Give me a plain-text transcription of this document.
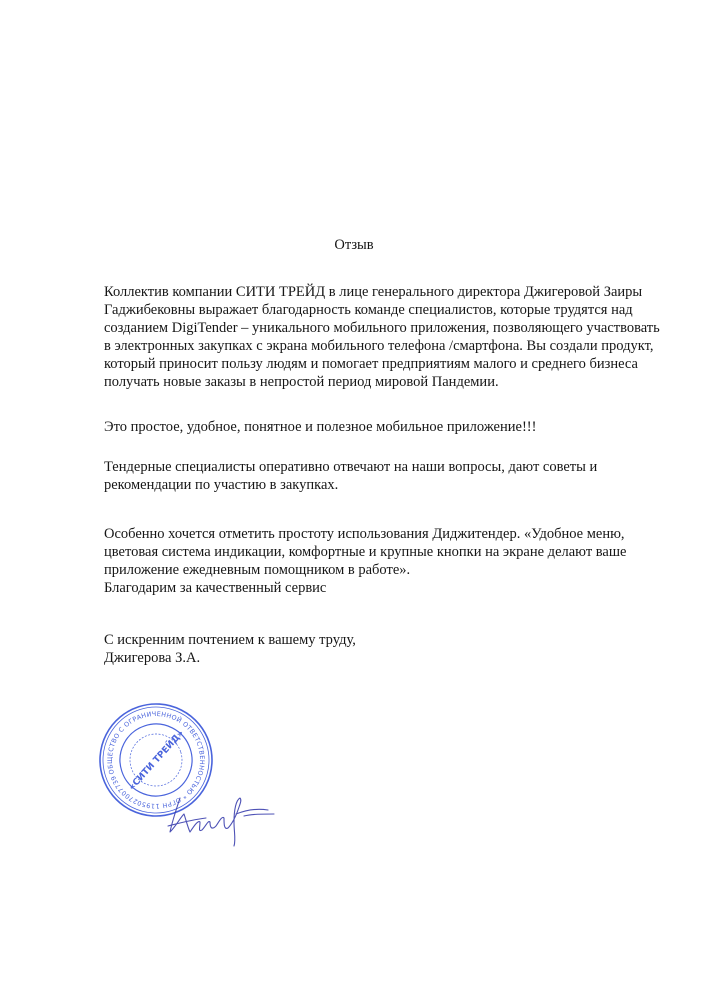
Отзыв
Коллектив компании СИТИ ТРЕЙД в лице генерального директора Джигеровой Заиры
Гаджибековны выражает благодарность команде специалистов, которые трудятся над
созданием DigiTender – уникального мобильного приложения, позволяющего участвовать
в электронных закупках с экрана мобильного телефона /смартфона. Вы создали продукт,
который приносит пользу людям и помогает предприятиям малого и среднего бизнеса
получать новые заказы в непростой период мировой Пандемии.
Это простое, удобное, понятное и полезное мобильное приложение!!!
Тендерные специалисты оперативно отвечают на наши вопросы, дают советы и
рекомендации по участию в закупках.
Особенно хочется отметить простоту использования Диджитендер. «Удобное меню,
цветовая система индикации, комфортные и крупные кнопки на экране делают ваше
приложение ежедневным помощником в работе».
Благодарим за качественный сервис
С искренним почтением к вашему труду,
Джигерова З.А.
ОБЩЕСТВО С ОГРАНИЧЕННОЙ ОТВЕТСТВЕННОСТЬЮ * ОГРН 1195027007739	«СИТИ ТРЕЙД»
